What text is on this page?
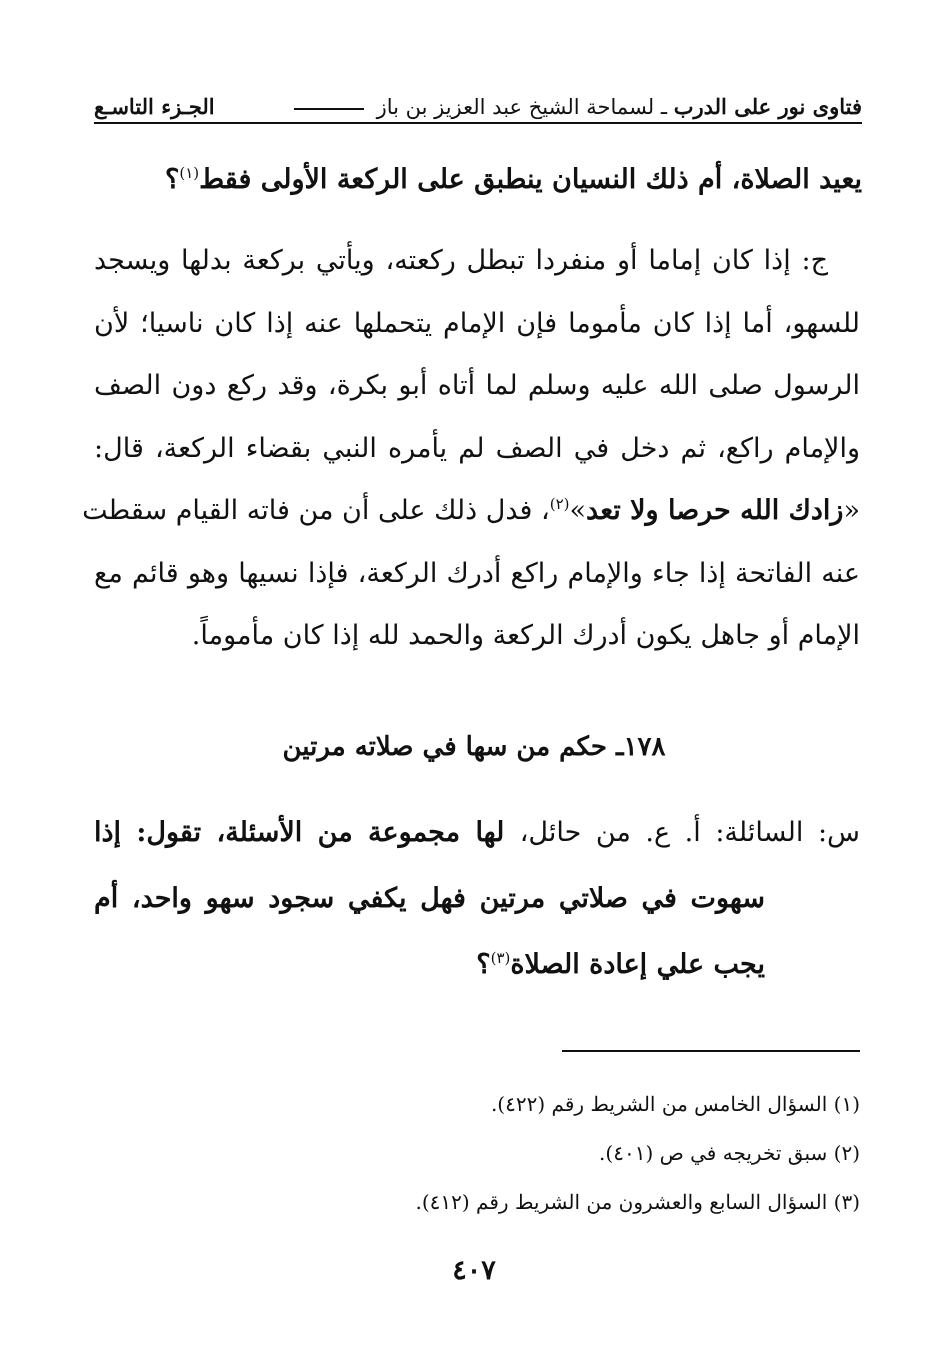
فتاوى نور على الدرب ـ لسماحة الشيخ عبد العزيز بن باز
الجـزء التاسـع
يعيد الصلاة، أم ذلك النسيان ينطبق على الركعة الأولى فقط$^{(١)}$؟
ج: إذا كان إماما أو منفردا تبطل ركعته، ويأتي بركعة بدلها ويسجد
للسهو، أما إذا كان مأموما فإن الإمام يتحملها عنه إذا كان ناسيا؛ لأن
الرسول صلى الله عليه وسلم لما أتاه أبو بكرة، وقد ركع دون الصف
والإمام راكع، ثم دخل في الصف لم يأمره النبي بقضاء الركعة، قال:
«زادك الله حرصا ولا تعد»$^{(٢)}$، فدل ذلك على أن من فاته القيام سقطت
عنه الفاتحة إذا جاء والإمام راكع أدرك الركعة، فإذا نسيها وهو قائم مع
الإمام أو جاهل يكون أدرك الركعة والحمد لله إذا كان مأموماً.
١٧٨ـ حكم من سها في صلاته مرتين
س: السائلة: أ. ع. من حائل، لها مجموعة من الأسئلة، تقول: إذا
سهوت في صلاتي مرتين فهل يكفي سجود سهو واحد، أم
يجب علي إعادة الصلاة$^{(٣)}$؟
(١) السؤال الخامس من الشريط رقم (٤٢٢).
(٢) سبق تخريجه في ص (٤٠١).
(٣) السؤال السابع والعشرون من الشريط رقم (٤١٢).
٤٠٧
